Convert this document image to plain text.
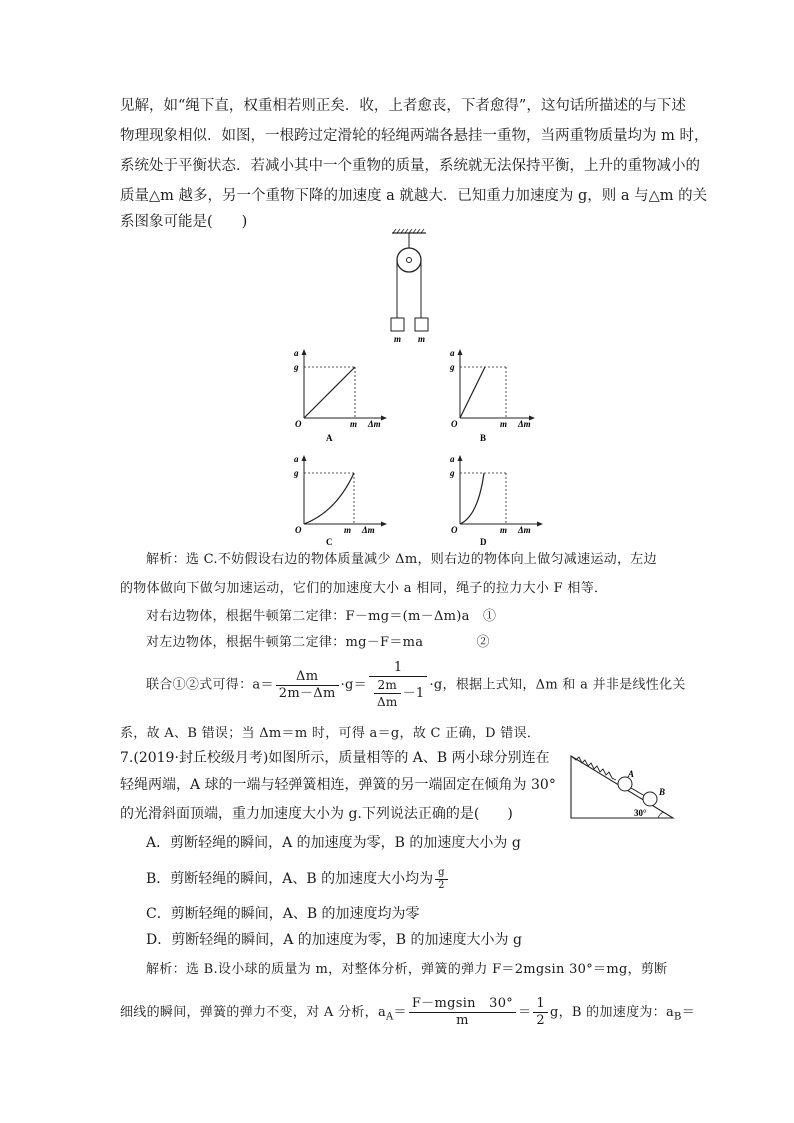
见解，如“绳下直，权重相若则正矣．收，上者愈丧，下者愈得”，这句话所描述的与下述
物理现象相似．如图，一根跨过定滑轮的轻绳两端各悬挂一重物，当两重物质量均为 m 时，
系统处于平衡状态．若减小其中一个重物的质量，系统就无法保持平衡，上升的重物减小的
质量△m 越多，另一个重物下降的加速度 a 就越大．已知重力加速度为 g，则 a 与△m 的关
系图象可能是(　　)
m m
a
g
O	m Δm
A
a
g
O	m Δm
B
a
g
O	m Δm
C
a
g
O	m Δm
D
解析：选 C.不妨假设右边的物体质量减少 Δm，则右边的物体向上做匀减速运动，左边
的物体做向下做匀加速运动，它们的加速度大小 a 相同，绳子的拉力大小 F 相等．
对右边物体，根据牛顿第二定律：F－mg＝(m－Δm)a　①
对左边物体，根据牛顿第二定律：mg－F＝ma　　　　②
联合①②式可得：$a= \frac{\Delta m}{2m-\Delta m} \cdot g= \frac{1}{\frac{2m}{\Delta m} -1} \cdot g$，根据上式知，Δm 和 a 并非是线性化关
系，故 A、B 错误；当 Δm＝m 时，可得 a＝g，故 C 正确，D 错误．
7.(2019·封丘校级月考)如图所示，质量相等的 A、B 两小球分别连在
轻绳两端，A 球的一端与轻弹簧相连，弹簧的另一端固定在倾角为 30°
的光滑斜面顶端，重力加速度大小为 g.下列说法正确的是(　　)
A
B
30°
A．剪断轻绳的瞬间，A 的加速度为零，B 的加速度大小为 g
B．剪断轻绳的瞬间，A、B 的加速度大小均为 $\frac{g}{2}$
C．剪断轻绳的瞬间，A、B 的加速度均为零
D．剪断轻绳的瞬间，A 的加速度为零，B 的加速度大小为 g
解析：选 B.设小球的质量为 m，对整体分析，弹簧的弹力 F＝2mgsin 30°＝mg，剪断
细线的瞬间，弹簧的弹力不变，对 A 分析，$a_A= \frac{F-mgsin 30^\circ}{m} = \frac{1}{2}$ g，B 的加速度为：$a_B=$
